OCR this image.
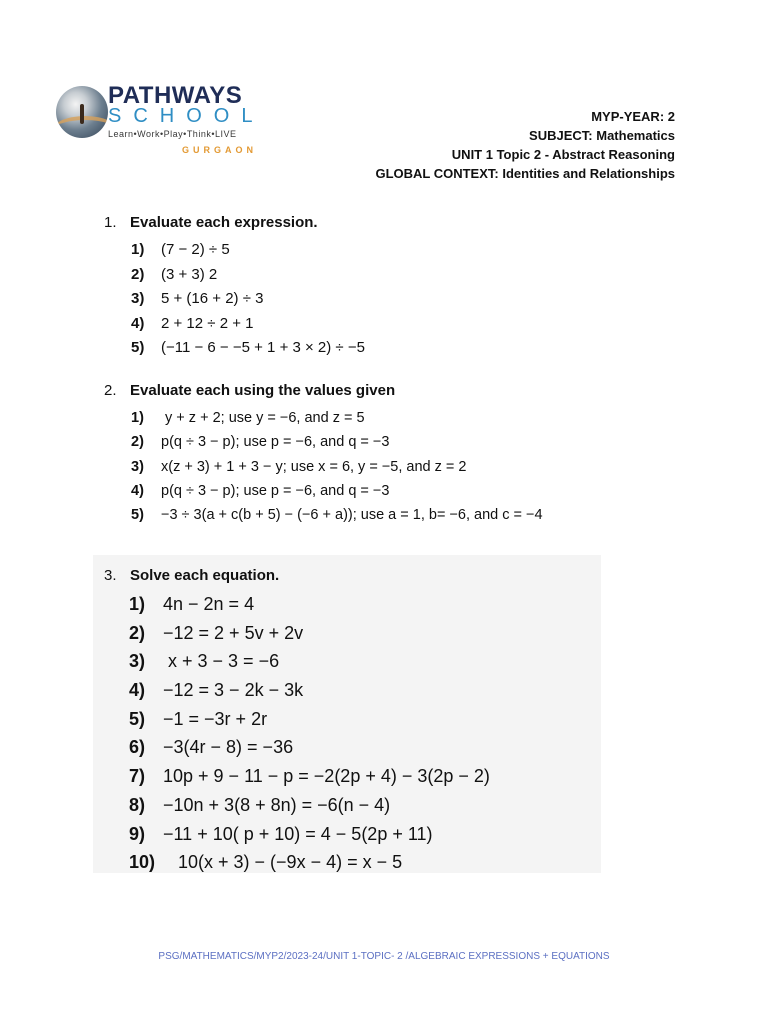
PATHWAYS
SCHOOL
Learn•Work•Play•Think•LIVE
GURGAON
MYP-YEAR: 2
SUBJECT: Mathematics
UNIT 1 Topic 2 - Abstract Reasoning
GLOBAL CONTEXT: Identities and Relationships
1. Evaluate each expression.
1) (7 − 2) ÷ 5
2) (3 + 3) 2
3) 5 + (16 + 2) ÷ 3
4) 2 + 12 ÷ 2 + 1
5) (−11 − 6 − −5 + 1 + 3 × 2) ÷ −5
2. Evaluate each using the values given
1) y + z + 2; use y = −6, and z = 5
2) p(q ÷ 3 − p); use p = −6, and q = −3
3) x(z + 3) + 1 + 3 − y; use x = 6, y = −5, and z = 2
4) p(q ÷ 3 − p); use p = −6, and q = −3
5) −3 ÷ 3(a + c(b + 5) − (−6 + a)); use a = 1, b= −6, and c = −4
3. Solve each equation.
1) 4n − 2n = 4
2) −12 = 2 + 5v + 2v
3) x + 3 − 3 = −6
4) −12 = 3 − 2k − 3k
5) −1 = −3r + 2r
6) −3(4r − 8) = −36
7) 10p + 9 − 11 − p = −2(2p + 4) − 3(2p − 2)
8) −10n + 3(8 + 8n) = −6(n − 4)
9) −11 + 10( p + 10) = 4 − 5(2p + 11)
10)   10(x + 3) − (−9x − 4) = x − 5
PSG/MATHEMATICS/MYP2/2023-24/UNIT 1-TOPIC- 2 /ALGEBRAIC EXPRESSIONS + EQUATIONS
